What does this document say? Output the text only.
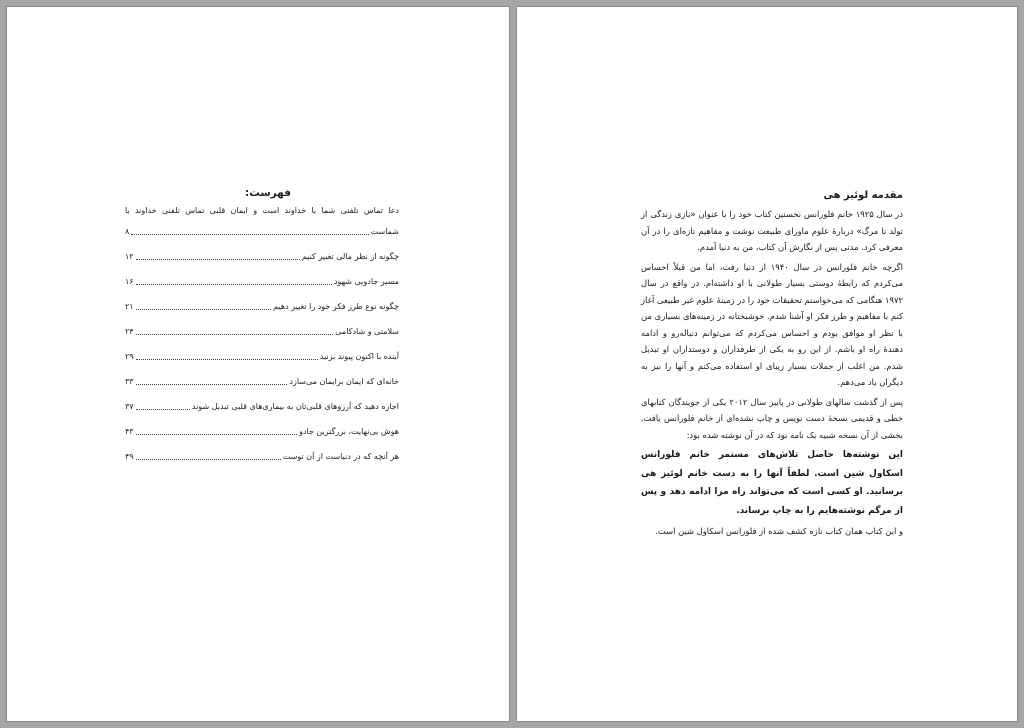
فهرست:
دعا تماس تلفنی شما با خداوند است و ایمان قلبی تماس تلفنی خداوند با
شماست
۸
چگونه از نظر مالی تغییر کنیم
۱۲
مسیر جادویی شهود
۱۶
چگونه نوع طرز فکر خود را تغییر دهیم
۲۱
سلامتی و شادکامی
۲۴
آینده با اکنون پیوند بزنید
۲۹
خانه‌ای که ایمان برایمان می‌سازد
۳۳
اجازه دهید که آرزوهای قلبی‌تان به بیماری‌های قلبی تبدیل شوند
۳۷
هوش بی‌نهایت، بزرگترین جادو
۴۳
هر آنچه که در دنیاست از آن توست
۴۹
مقدمه لوئیز هی

در سال ۱۹۲۵ خانم فلورانس نخستین کتاب خود را با عنوان «بازی زندگی از تولد تا مرگ» دربارهٔ علوم ماورای طبیعت نوشت و مفاهیم تازه‌ای را در آن معرفی کرد. مدتی پس از نگارش آن کتاب، من به دنیا آمدم.

اگرچه خانم فلورانس در سال ۱۹۴۰ از دنیا رفت، اما من قبلاً احساس می‌کردم که رابطهٔ دوستی بسیار طولانی با او داشته‌ام. در واقع در سال ۱۹۷۲ هنگامی که می‌خواستم تحقیقات خود را در زمینهٔ علوم غیر طبیعی آغاز کنم با مفاهیم و طرز فکر او آشنا شدم. خوشبختانه در زمینه‌های بسیاری من با نظر او موافق بودم و احساس می‌کردم که می‌توانم دنباله‌رو و ادامه دهندهٔ راه او باشم. از این رو به یکی از طرفداران و دوستداران او تبدیل شدم. من اغلب از جملات بسیار زیبای او استفاده می‌کنم و آنها را نیز به دیگران یاد می‌دهم.

پس از گذشت سالهای طولانی در پاییز سال ۲۰۱۲ یکی از جویندگان کتابهای خطی و قدیمی نسخهٔ دست نویس و چاپ نشده‌ای از خانم فلورانس یافت. بخشی از آن نسخه شبیه یک نامه بود که در آن نوشته شده بود:

این نوشته‌ها حاصل تلاش‌های مستمر خانم فلورانس اسکاول شین است. لطفاً آنها را به دست خانم لوئیز هی برسانید. او کسی است که می‌تواند راه مرا ادامه دهد و پس از مرگم نوشته‌هایم را به چاپ برساند.

و این کتاب همان کتاب تازه کشف شده از فلورانس اسکاول شین است.
